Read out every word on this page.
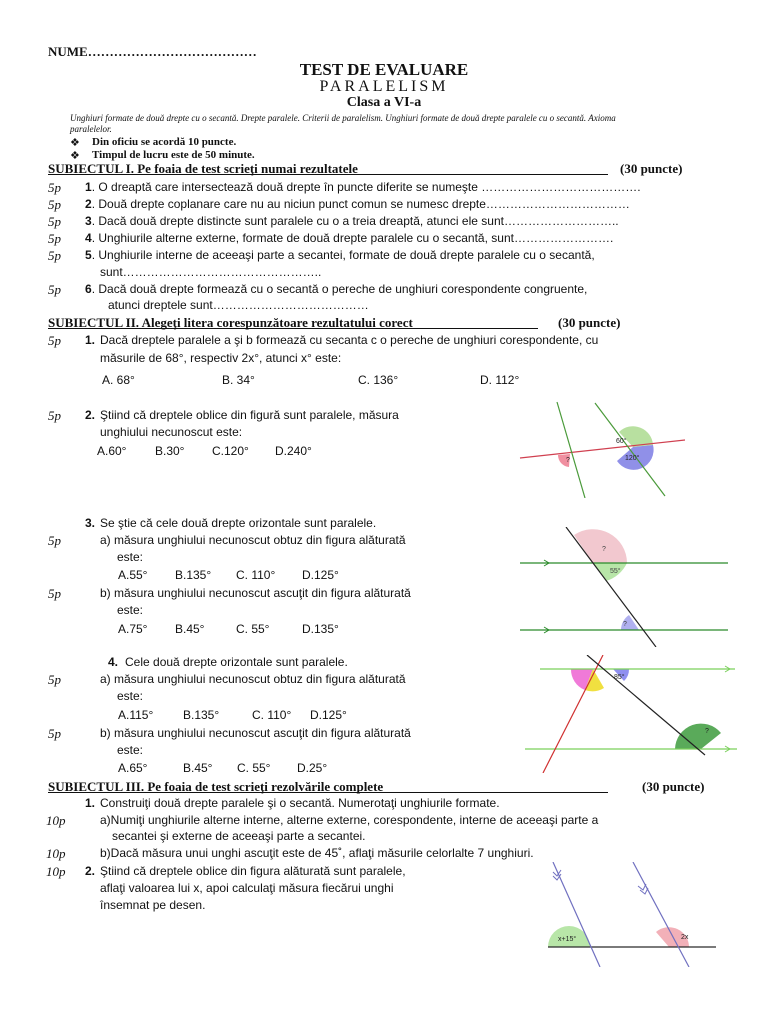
NUME…………………………………
TEST DE EVALUARE
PARALELISM
Clasa a VI-a
Unghiuri formate de două drepte cu o secantă. Drepte paralele. Criterii de paralelism. Unghiuri formate de două drepte paralele cu o secantă. Axioma
paralelelor.
❖ Din oficiu se acordă 10 puncte.
❖ Timpul de lucru este de 50 minute.
SUBIECTUL I. Pe foaia de test scrieţi numai rezultatele	(30 puncte)
5p 1. O dreaptă care intersectează două drepte în puncte diferite se numeşte ………………………………….
5p 2. Două drepte coplanare care nu au niciun punct comun se numesc drepte………………………………
5p 3. Dacă două drepte distincte sunt paralele cu o a treia dreaptă, atunci ele sunt………………………..
5p 4. Unghiurile alterne externe, formate de două drepte paralele cu o secantă, sunt…………………….
5p 5. Unghiurile interne de aceeaşi parte a secantei, formate de două drepte paralele cu o secantă,
sunt…………………………………………..
5p 6. Dacă două drepte formează cu o secantă o pereche de unghiuri corespondente congruente,
atunci dreptele sunt…………………………………
SUBIECTUL II. Alegeţi litera corespunzătoare rezultatului corect	(30 puncte)
5p 1. Dacă dreptele paralele a şi b formează cu secanta c o pereche de unghiuri corespondente, cu
măsurile de 68°, respectiv 2x°, atunci x° este:
A. 68°	B. 34°	C. 136°	D. 112°
5p 2. Ştiind că dreptele oblice din figură sunt paralele, măsura
unghiului necunoscut este:
A.60° B.30° C.120° D.240°
?
60°
120°
3. Se ştie că cele două drepte orizontale sunt paralele.
5p	a) măsura unghiului necunoscut obtuz din figura alăturată
este:
A.55° B.135° C. 110° D.125°
5p	b) măsura unghiului necunoscut ascuţit din figura alăturată
este:
A.75° B.45°	C. 55°	D.135°
?
55°
?
4. Cele două drepte orizontale sunt paralele.
5p	a) măsura unghiului necunoscut obtuz din figura alăturată
este:
A.115° B.135°	C. 110° D.125°
5p	b) măsura unghiului necunoscut ascuţit din figura alăturată
este:
A.65°	B.45° C. 55° D.25°
85°
?
SUBIECTUL III. Pe foaia de test scrieţi rezolvările complete	(30 puncte)
1. Construiţi două drepte paralele şi o secantă. Numerotaţi unghiurile formate.
10p	a)Numiţi unghiurile alterne interne, alterne externe, corespondente, interne de aceeaşi parte a
secantei şi externe de aceeaşi parte a secantei.
10p	b)Dacă măsura unui unghi ascuţit este de 45˚, aflaţi măsurile celorlalte 7 unghiuri.
10p 2. Ştiind că dreptele oblice din figura alăturată sunt paralele,
aflaţi valoarea lui x, apoi calculaţi măsura fiecărui unghi
însemnat pe desen.
x+15°	2x
